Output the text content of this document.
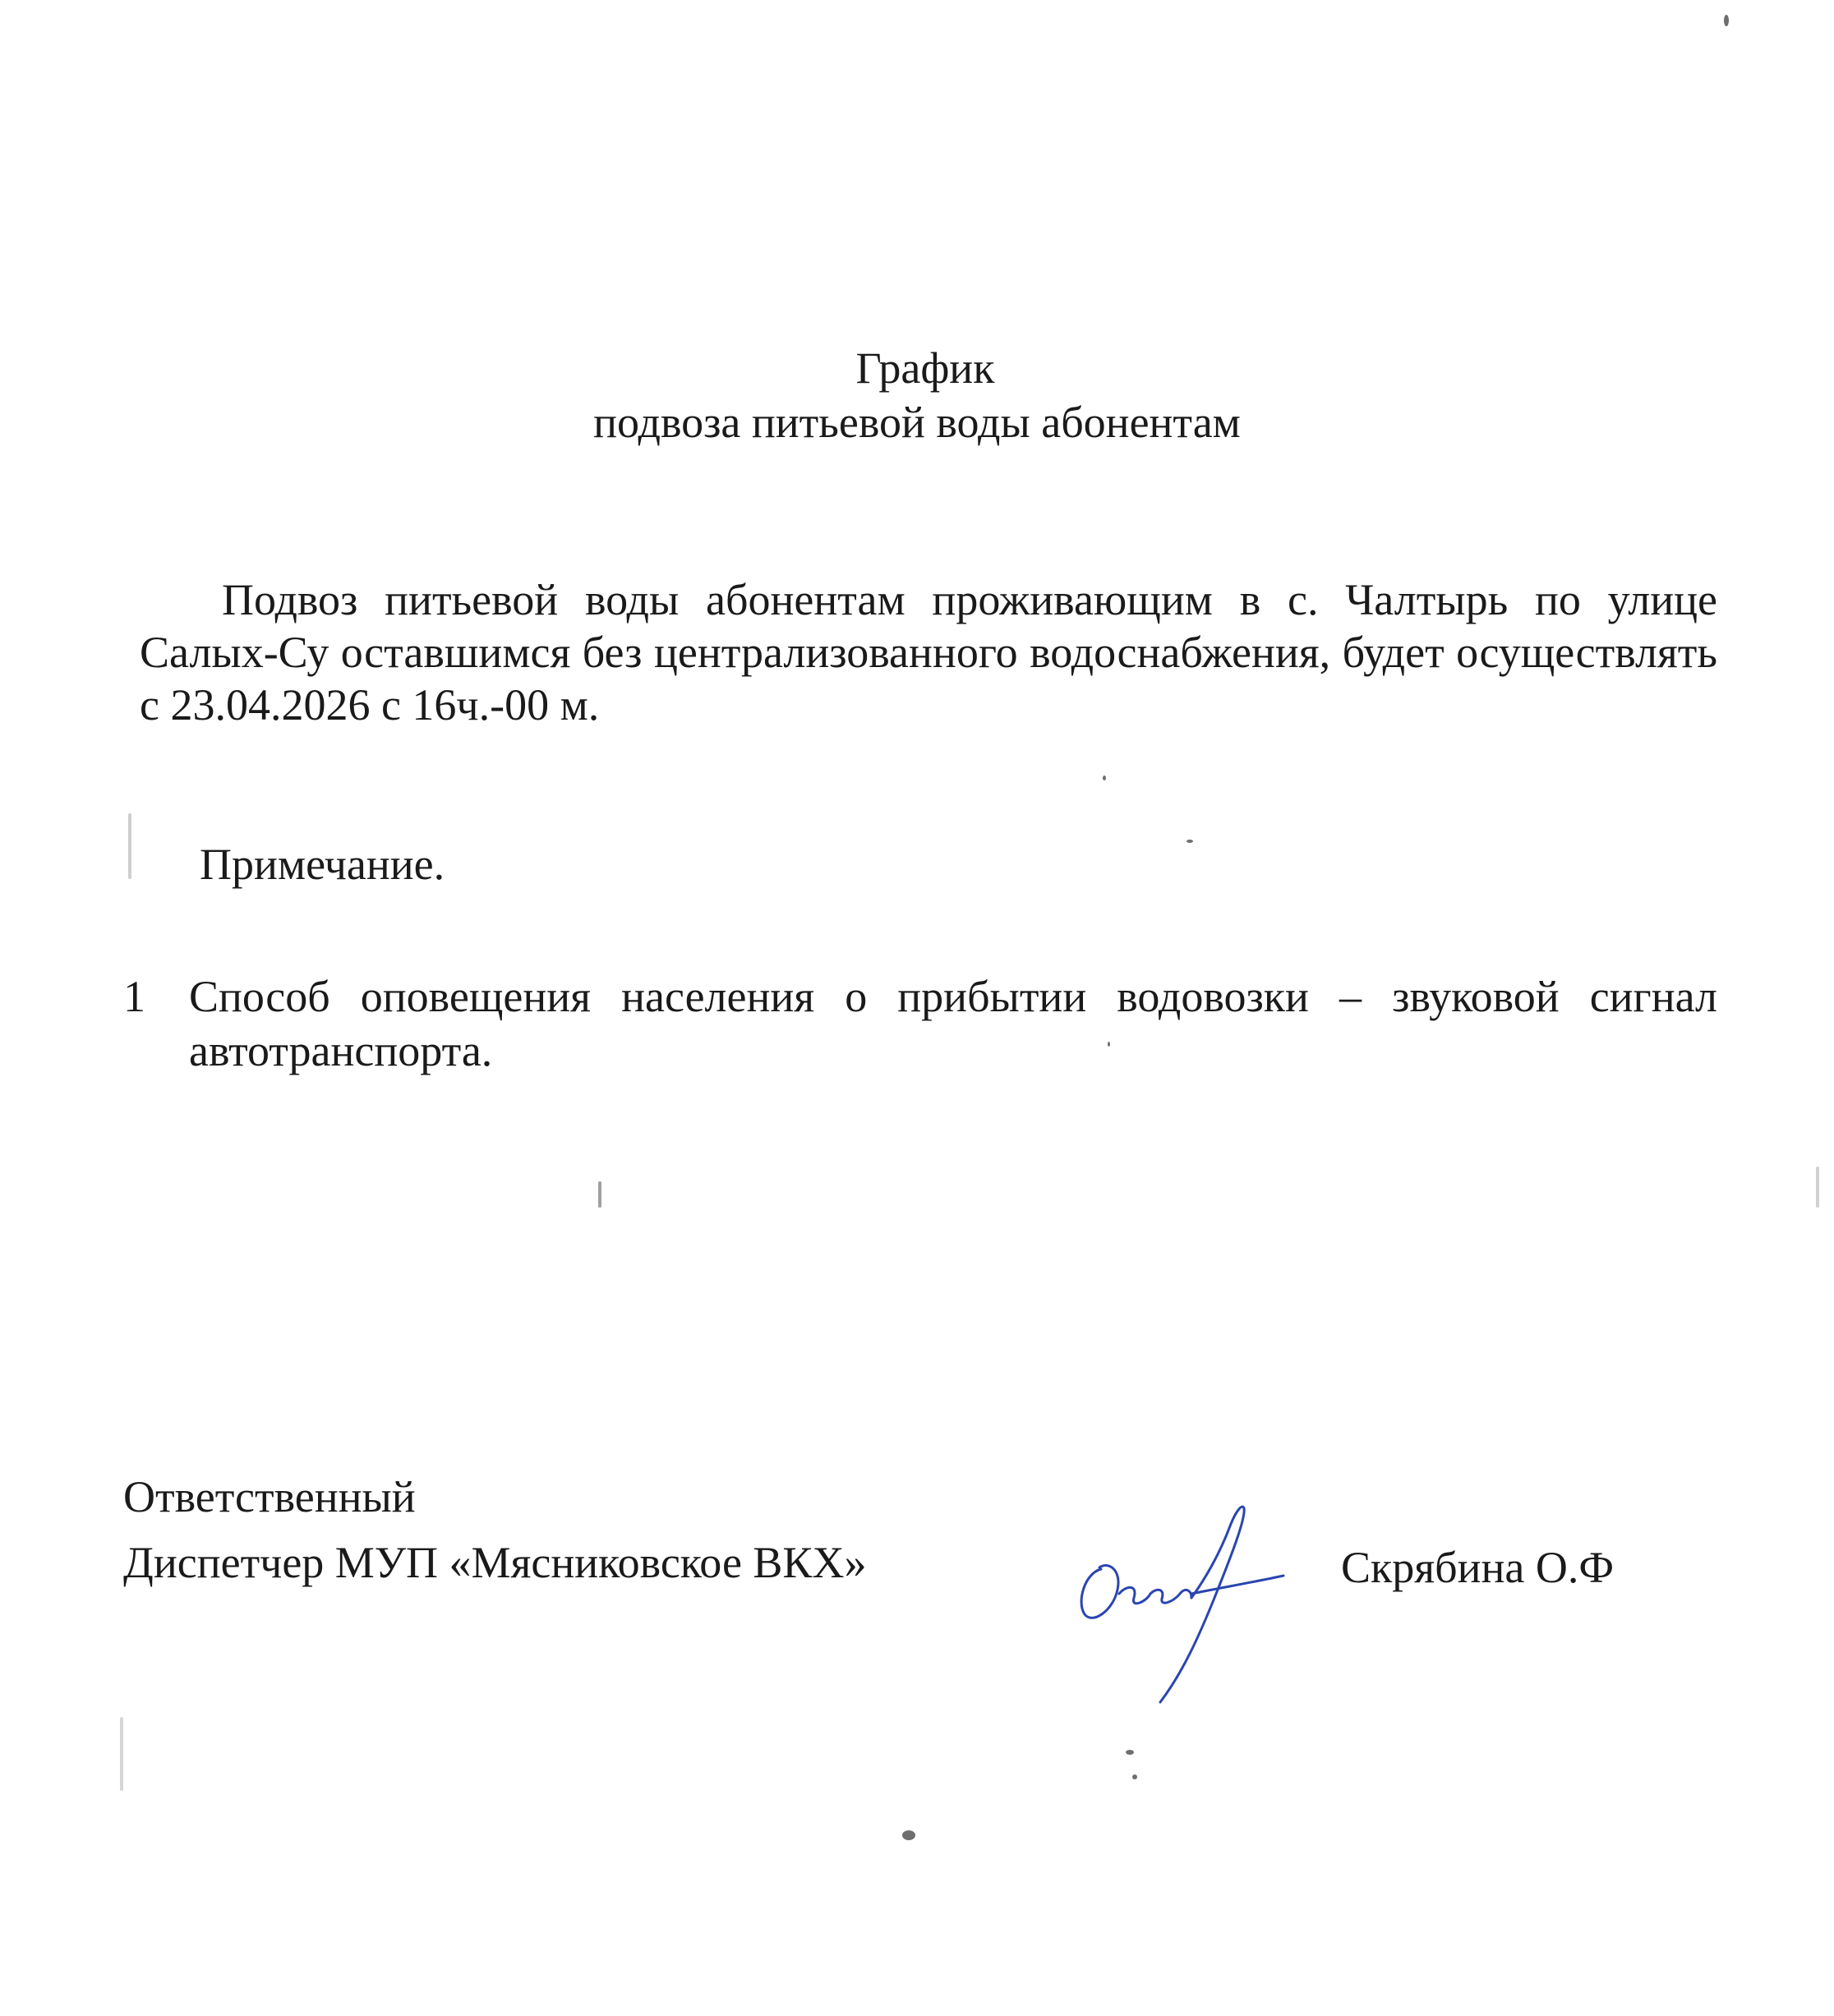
График
подвоза питьевой воды абонентам
Подвоз питьевой воды абонентам проживающим в с. Чалтырь по улице Салых-Су оставшимся без централизованного водоснабжения, будет осуществлять с 23.04.2026 с 16ч.-00 м.
Примечание.
1 Способ оповещения населения о прибытии водовозки – звуковой сигнал автотранспорта.
Ответственный
Диспетчер МУП «Мясниковское ВКХ»	Скрябина О.Ф
